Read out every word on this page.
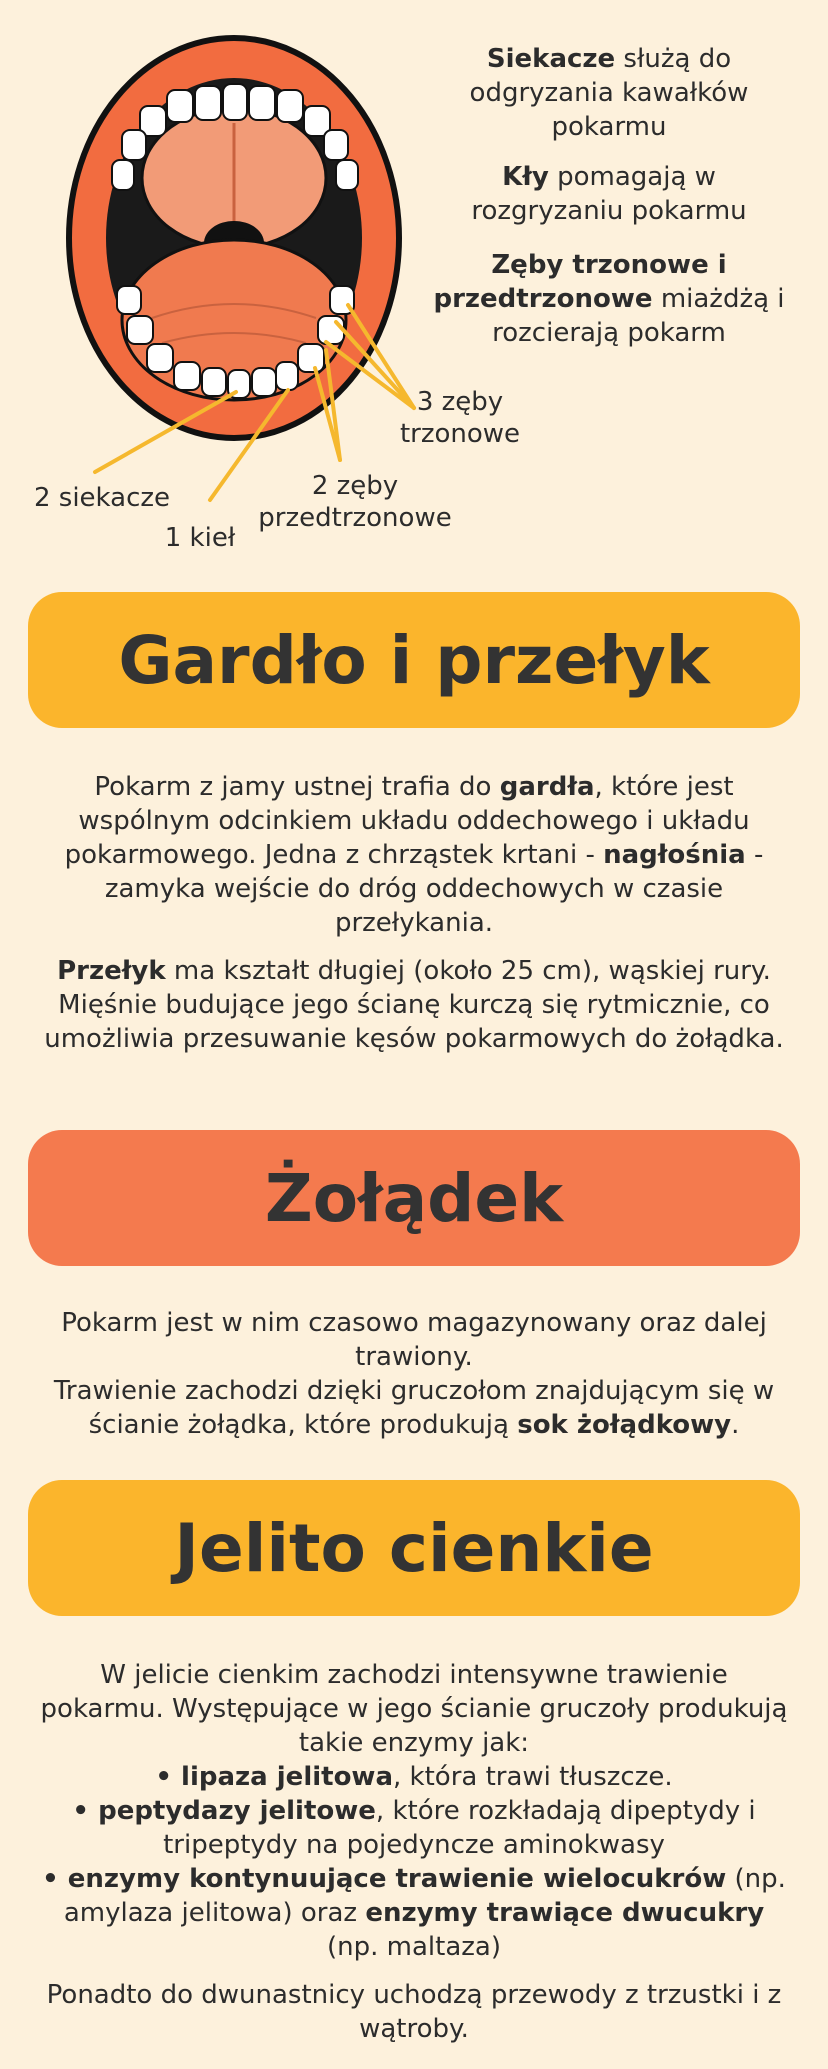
Siekacze służą do odgryzania kawałków pokarmu
Kły pomagają w rozgryzaniu pokarmu
Zęby trzonowe i przedtrzonowe miażdżą i rozcierają pokarm
2 siekacze
1 kieł
2 zęby przedtrzonowe
3 zęby trzonowe
Gardło i przełyk

Pokarm z jamy ustnej trafia do gardła, które jest wspólnym odcinkiem układu oddechowego i układu pokarmowego. Jedna z chrząstek krtani - nagłośnia - zamyka wejście do dróg oddechowych w czasie przełykania.

Przełyk ma kształt długiej (około 25 cm), wąskiej rury. Mięśnie budujące jego ścianę kurczą się rytmicznie, co umożliwia przesuwanie kęsów pokarmowych do żołądka.

Żołądek

Pokarm jest w nim czasowo magazynowany oraz dalej trawiony.

Trawienie zachodzi dzięki gruczołom znajdującym się w ścianie żołądka, które produkują sok żołądkowy.

Jelito cienkie

W jelicie cienkim zachodzi intensywne trawienie pokarmu. Występujące w jego ścianie gruczoły produkują takie enzymy jak:

• lipaza jelitowa, która trawi tłuszcze.

• peptydazy jelitowe, które rozkładają dipeptydy i tripeptydy na pojedyncze aminokwasy

• enzymy kontynuujące trawienie wielocukrów (np. amylaza jelitowa) oraz enzymy trawiące dwucukry (np. maltaza)

Ponadto do dwunastnicy uchodzą przewody z trzustki i z wątroby.
